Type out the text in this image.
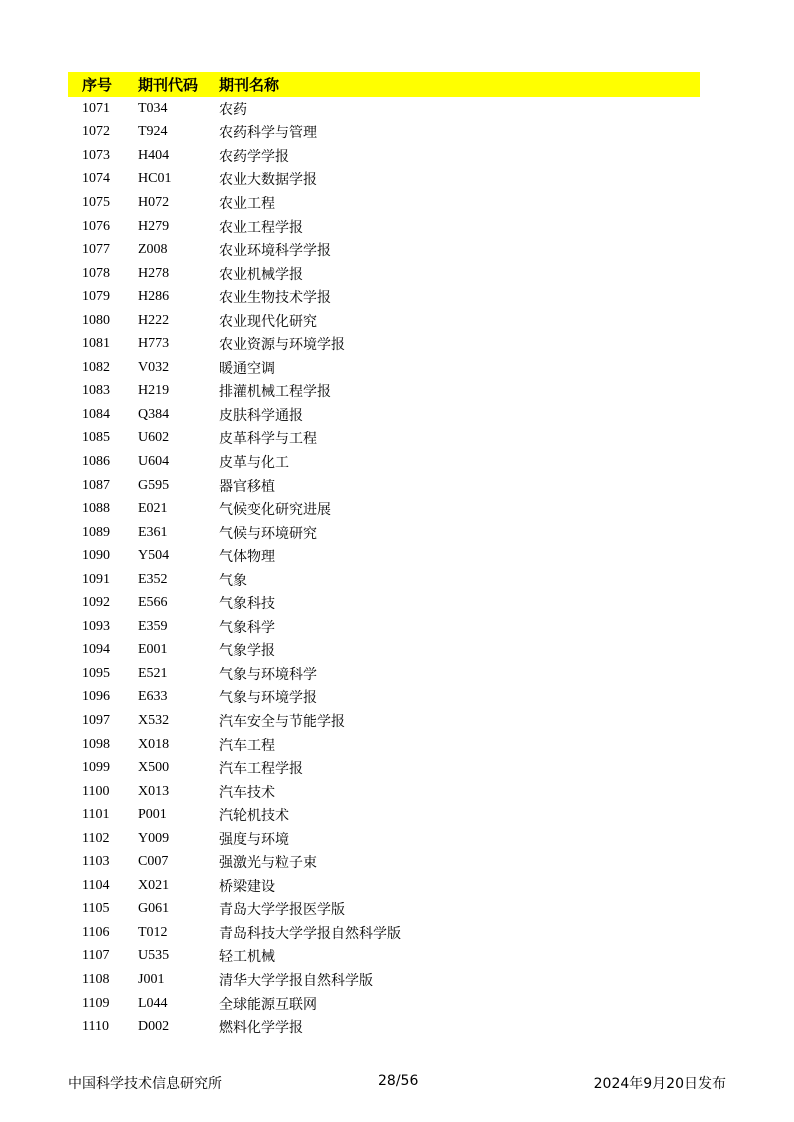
序号	期刊代码	期刊名称
1071	T034	农药
1072	T924	农药科学与管理
1073	H404	农药学学报
1074	HC01	农业大数据学报
1075	H072	农业工程
1076	H279	农业工程学报
1077	Z008	农业环境科学学报
1078	H278	农业机械学报
1079	H286	农业生物技术学报
1080	H222	农业现代化研究
1081	H773	农业资源与环境学报
1082	V032	暖通空调
1083	H219	排灌机械工程学报
1084	Q384	皮肤科学通报
1085	U602	皮革科学与工程
1086	U604	皮革与化工
1087	G595	器官移植
1088	E021	气候变化研究进展
1089	E361	气候与环境研究
1090	Y504	气体物理
1091	E352	气象
1092	E566	气象科技
1093	E359	气象科学
1094	E001	气象学报
1095	E521	气象与环境科学
1096	E633	气象与环境学报
1097	X532	汽车安全与节能学报
1098	X018	汽车工程
1099	X500	汽车工程学报
1100	X013	汽车技术
1101	P001	汽轮机技术
1102	Y009	强度与环境
1103	C007	强激光与粒子束
1104	X021	桥梁建设
1105	G061	青岛大学学报医学版
1106	T012	青岛科技大学学报自然科学版
1107	U535	轻工机械
1108	J001	清华大学学报自然科学版
1109	L044	全球能源互联网
1110	D002	燃料化学学报
中国科学技术信息研究所	28/56	2024年9月20日发布
